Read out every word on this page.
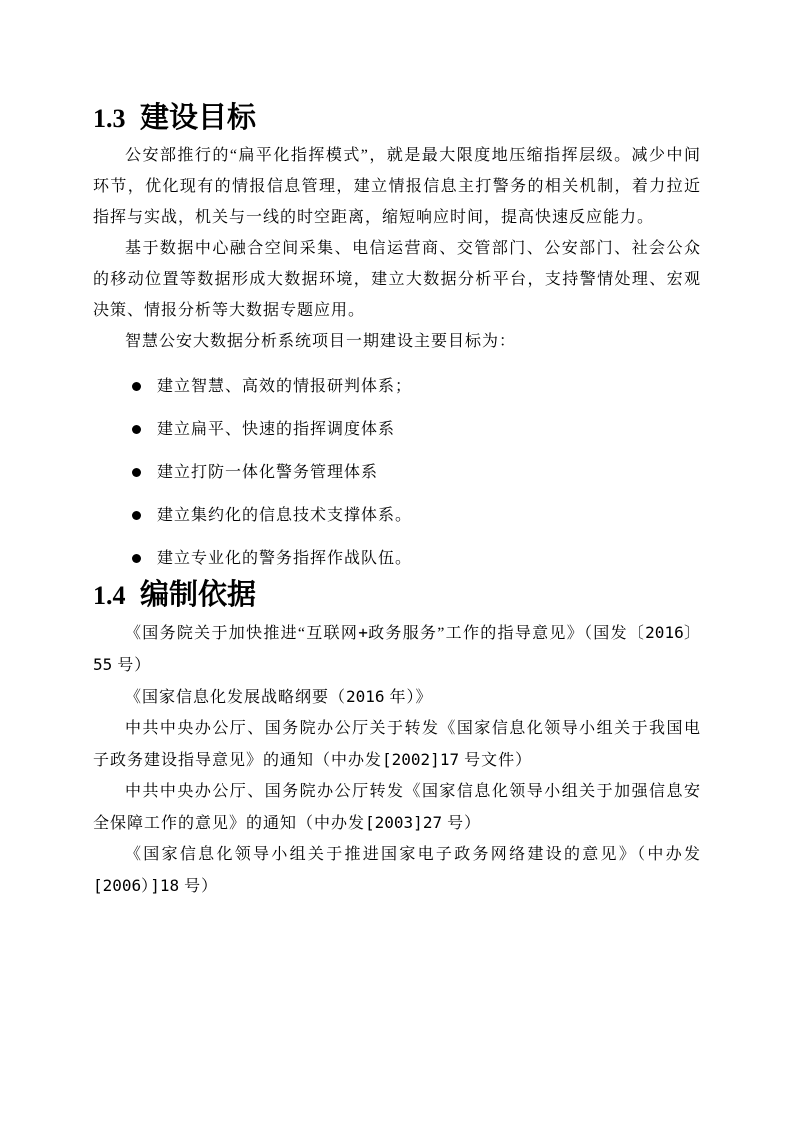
1.3 建设目标

公安部推行的“扁平化指挥模式”，就是最大限度地压缩指挥层级。减少中间环节，优化现有的情报信息管理，建立情报信息主打警务的相关机制，着力拉近指挥与实战，机关与一线的时空距离，缩短响应时间，提高快速反应能力。

基于数据中心融合空间采集、电信运营商、交管部门、公安部门、社会公众的移动位置等数据形成大数据环境，建立大数据分析平台，支持警情处理、宏观决策、情报分析等大数据专题应用。

智慧公安大数据分析系统项目一期建设主要目标为：

建立智慧、高效的情报研判体系；
建立扁平、快速的指挥调度体系
建立打防一体化警务管理体系
建立集约化的信息技术支撑体系。
建立专业化的警务指挥作战队伍。
1.4 编制依据

《国务院关于加快推进“互联网+政务服务”工作的指导意见》（国发〔2016〕55 号）

《国家信息化发展战略纲要（2016 年）》

中共中央办公厅、国务院办公厅关于转发《国家信息化领导小组关于我国电子政务建设指导意见》的通知（中办发[2002]17 号文件）

中共中央办公厅、国务院办公厅转发《国家信息化领导小组关于加强信息安全保障工作的意见》的通知（中办发[2003]27 号）

《国家信息化领导小组关于推进国家电子政务网络建设的意见》（中办发[2006）]18 号）
